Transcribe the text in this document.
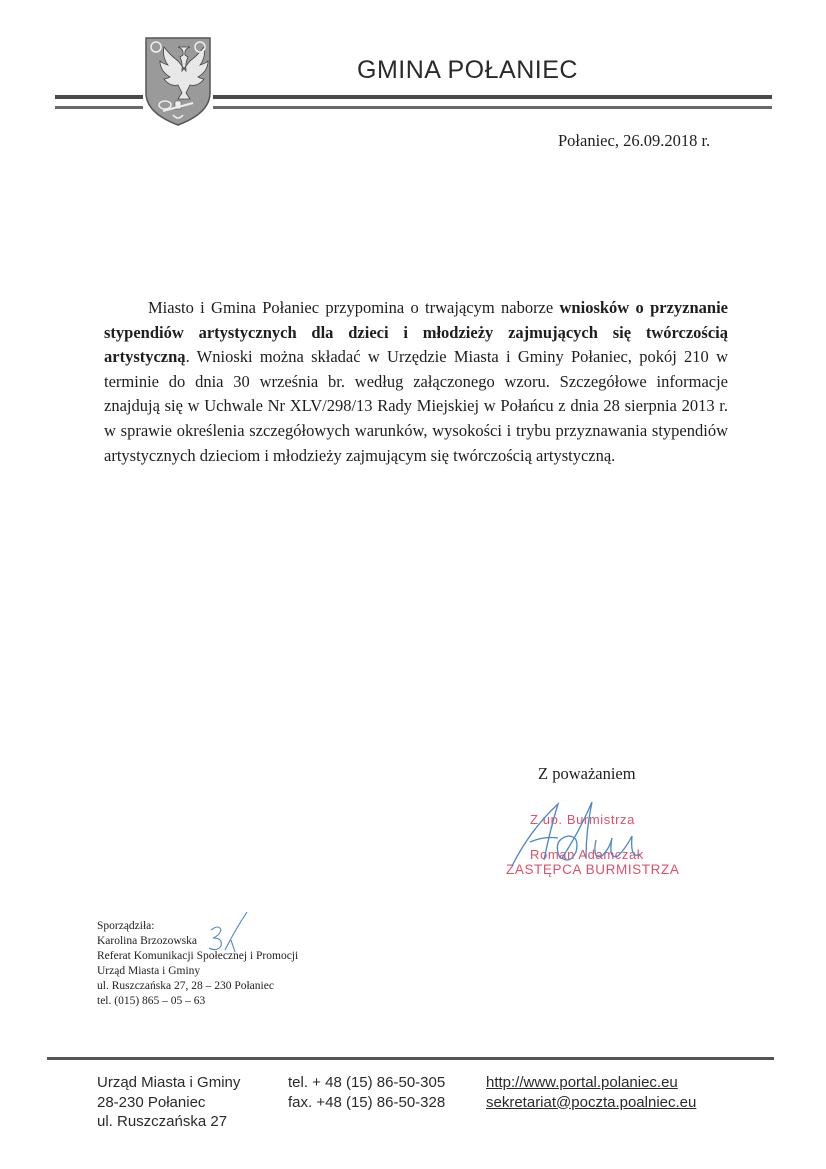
GMINA POŁANIEC
Połaniec, 26.09.2018 r.
Miasto i Gmina Połaniec przypomina o trwającym naborze wniosków o przyznanie stypendiów artystycznych dla dzieci i młodzieży zajmujących się twórczością artystyczną. Wnioski można składać w Urzędzie Miasta i Gminy Połaniec, pokój 210 w terminie do dnia 30 września br. według załączonego wzoru. Szczegółowe informacje znajdują się w Uchwale Nr XLV/298/13 Rady Miejskiej w Połańcu z dnia 28 sierpnia 2013 r. w sprawie określenia szczegółowych warunków, wysokości i trybu przyznawania stypendiów artystycznych dzieciom i młodzieży zajmującym się twórczością artystyczną.
Z poważaniem
Z up. Burmistrza
Roman Adamczak
ZASTĘPCA BURMISTRZA
Sporządziła:
Karolina Brzozowska
Referat Komunikacji Społecznej i Promocji
Urząd Miasta i Gminy
ul. Ruszczańska 27, 28 – 230 Połaniec
tel. (015) 865 – 05 – 63
Urząd Miasta i Gminy
28-230 Połaniec
ul. Ruszczańska 27
tel. + 48 (15) 86-50-305
fax. +48 (15) 86-50-328
http://www.portal.polaniec.eu
sekretariat@poczta.poalniec.eu
